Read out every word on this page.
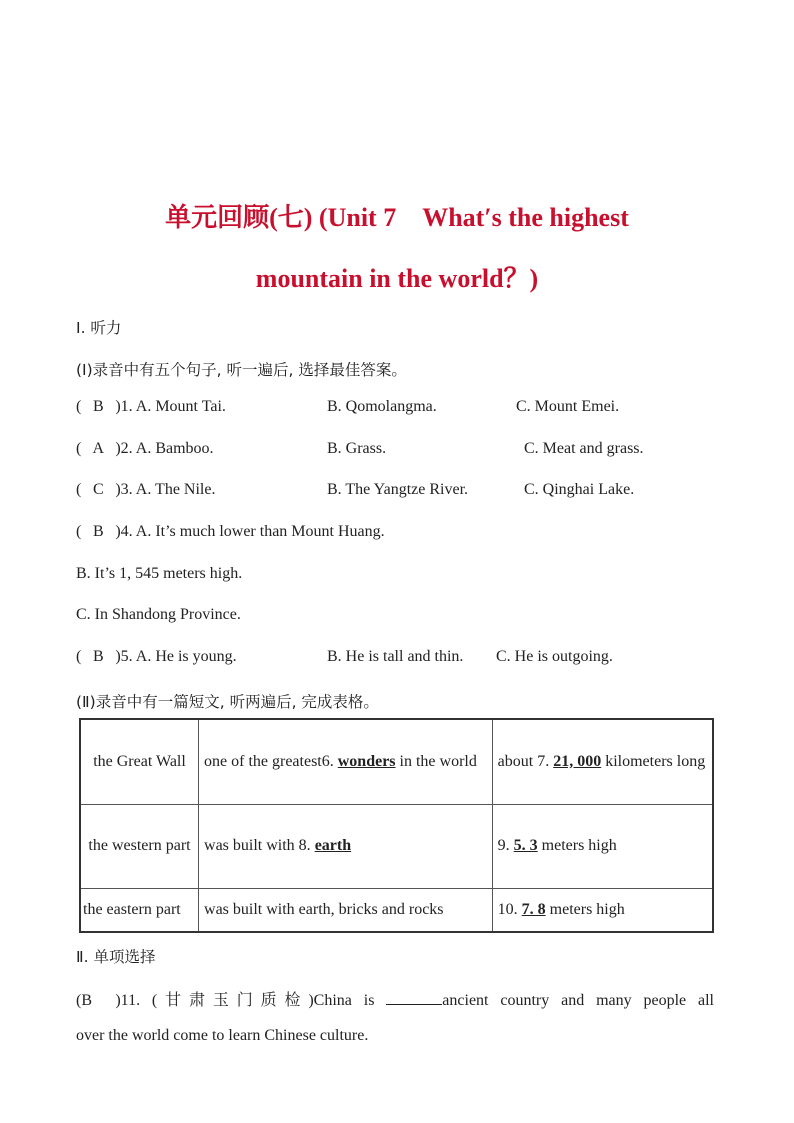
单元回顾(七) (Unit 7　What′s the highest
mountain in the world？)
Ⅰ. 听力
(Ⅰ)录音中有五个句子, 听一遍后, 选择最佳答案。
( B )1. A. Mount Tai.	B. Qomolangma.	C. Mount Emei.
( A )2. A. Bamboo.	B. Grass.	C. Meat and grass.
( C )3. A. The Nile.	B. The Yangtze River.	C. Qinghai Lake.
( B )4. A. It’s much lower than Mount Huang.
B. It’s 1, 545 meters high.
C. In Shandong Province.
( B )5. A. He is young.	B. He is tall and thin. C. He is outgoing.
(Ⅱ)录音中有一篇短文, 听两遍后, 完成表格。
the Great Wall	one of the greatest6. wonders in the world	about 7. 21, 000 kilometers long
the western part	was built with 8. earth	9. 5. 3 meters high
the eastern part	was built with earth, bricks and rocks	10. 7. 8 meters high
Ⅱ. 单项选择
(B )11. (甘肃玉门质检)China is	ancient country and many people all
over the world come to learn Chinese culture.
